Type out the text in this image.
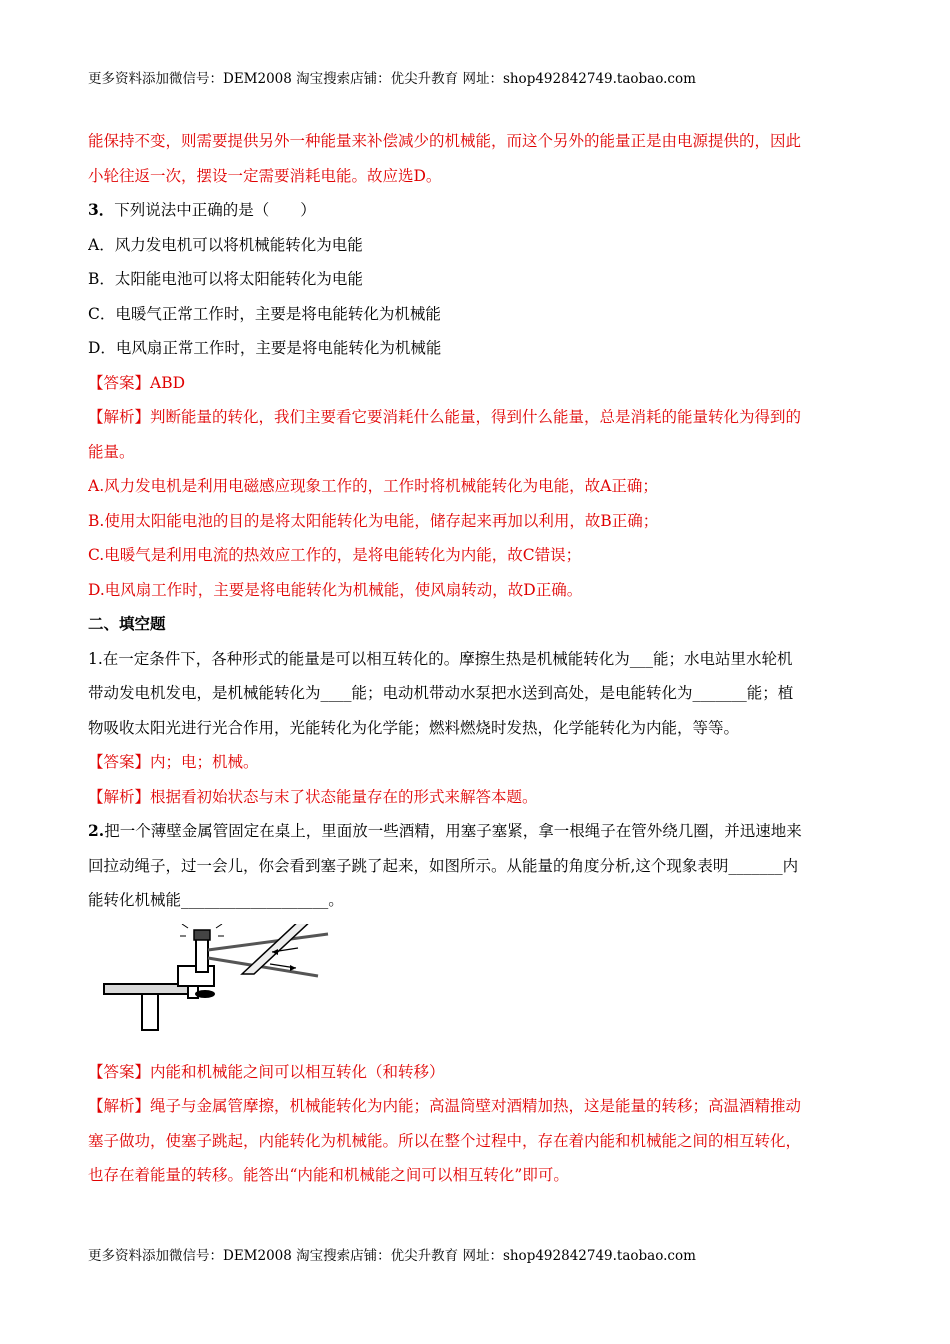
更多资料添加微信号：DEM2008 淘宝搜索店铺：优尖升教育 网址：shop492842749.taobao.com

能保持不变，则需要提供另外一种能量来补偿减少的机械能，而这个另外的能量正是由电源提供的，因此

小轮往返一次，摆设一定需要消耗电能。故应选D。

3．下列说法中正确的是（　　）

A．风力发电机可以将机械能转化为电能

B．太阳能电池可以将太阳能转化为电能

C．电暖气正常工作时，主要是将电能转化为机械能

D．电风扇正常工作时，主要是将电能转化为机械能

【答案】ABD

【解析】判断能量的转化，我们主要看它要消耗什么能量，得到什么能量，总是消耗的能量转化为得到的

能量。

A.风力发电机是利用电磁感应现象工作的，工作时将机械能转化为电能，故A正确；

B.使用太阳能电池的目的是将太阳能转化为电能，储存起来再加以利用，故B正确；

C.电暖气是利用电流的热效应工作的，是将电能转化为内能，故C错误；

D.电风扇工作时，主要是将电能转化为机械能，使风扇转动，故D正确。

二、填空题

1.在一定条件下，各种形式的能量是可以相互转化的。摩擦生热是机械能转化为___能；水电站里水轮机

带动发电机发电，是机械能转化为____能；电动机带动水泵把水送到高处，是电能转化为_______能；植

物吸收太阳光进行光合作用，光能转化为化学能；燃料燃烧时发热，化学能转化为内能，等等。

【答案】内；电；机械。

【解析】根据看初始状态与末了状态能量存在的形式来解答本题。

2.把一个薄壁金属管固定在桌上，里面放一些酒精，用塞子塞紧，拿一根绳子在管外绕几圈，并迅速地来

回拉动绳子，过一会儿，你会看到塞子跳了起来，如图所示。从能量的角度分析,这个现象表明_______内

能转化机械能___________________。

【答案】内能和机械能之间可以相互转化（和转移）

【解析】绳子与金属管摩擦，机械能转化为内能；高温筒壁对酒精加热，这是能量的转移；高温酒精推动

塞子做功，使塞子跳起，内能转化为机械能。所以在整个过程中，存在着内能和机械能之间的相互转化，

也存在着能量的转移。能答出“内能和机械能之间可以相互转化”即可。

更多资料添加微信号：DEM2008 淘宝搜索店铺：优尖升教育 网址：shop492842749.taobao.com
